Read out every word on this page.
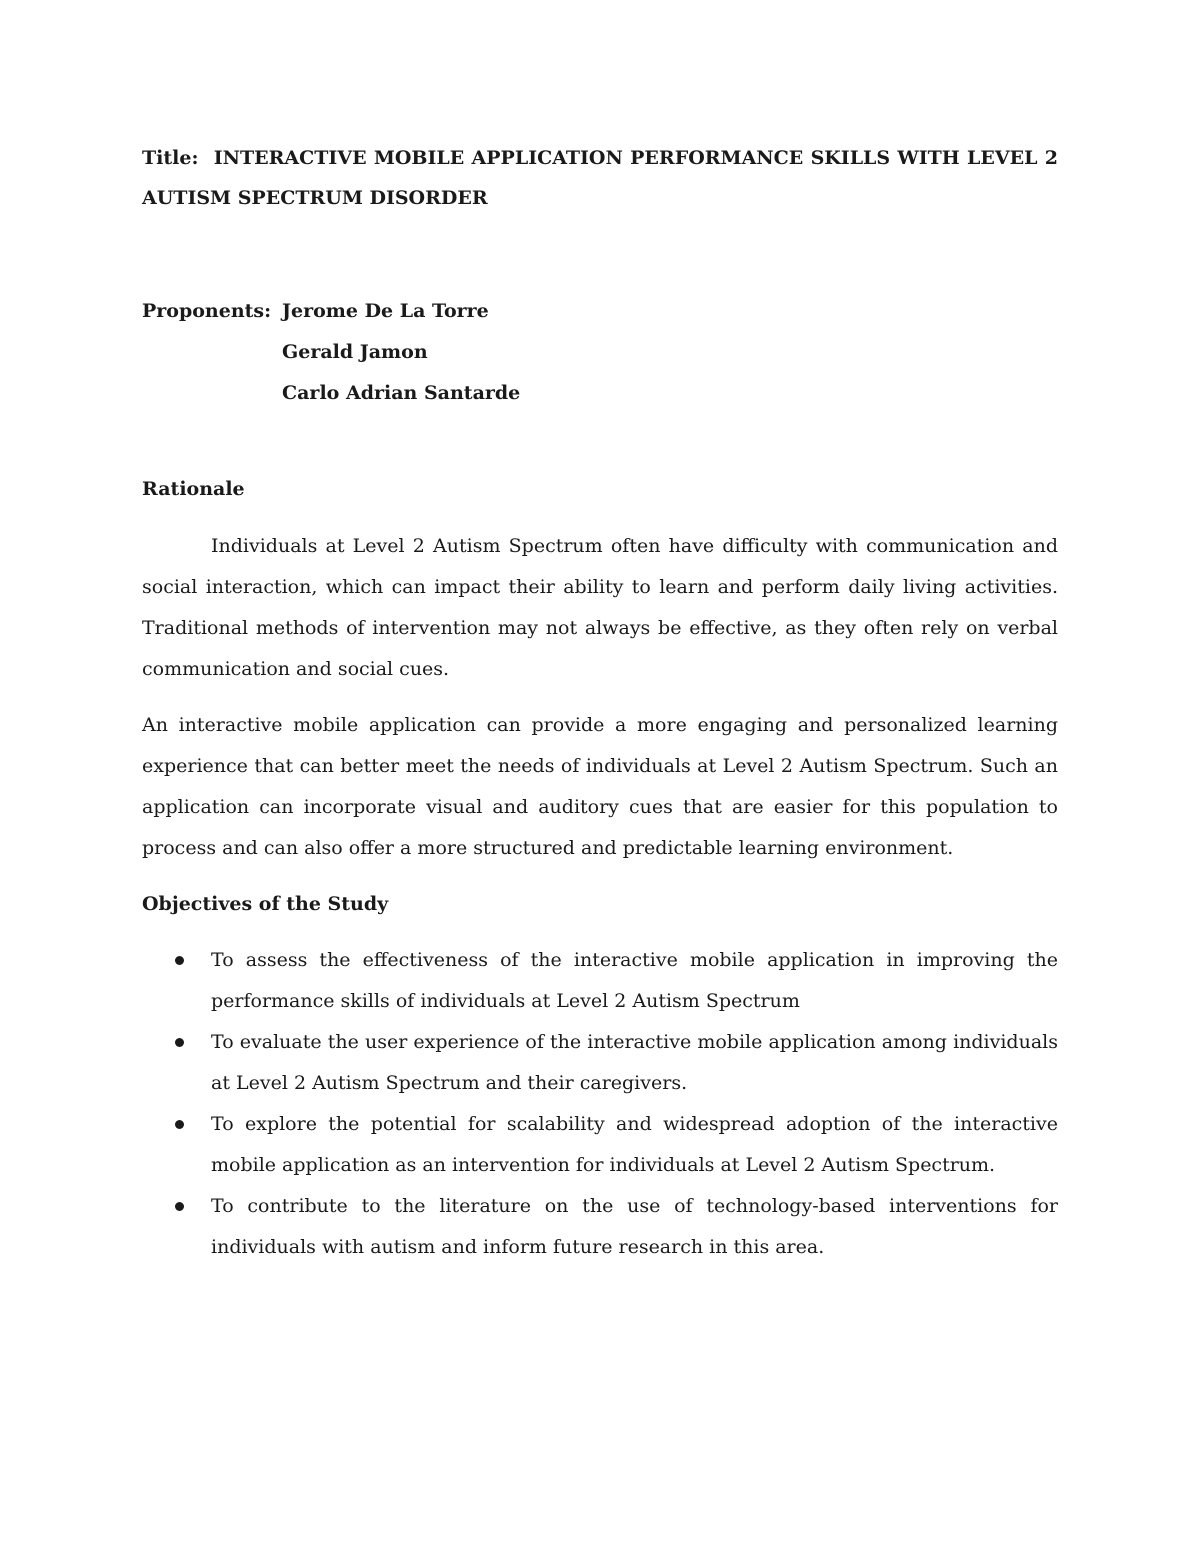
Title: INTERACTIVE MOBILE APPLICATION PERFORMANCE SKILLS WITH LEVEL 2 AUTISM SPECTRUM DISORDER
Proponents: Jerome De La Torre
Gerald Jamon
Carlo Adrian Santarde

Rationale

Individuals at Level 2 Autism Spectrum often have difficulty with communication and social interaction, which can impact their ability to learn and perform daily living activities. Traditional methods of intervention may not always be effective, as they often rely on verbal communication and social cues.

An interactive mobile application can provide a more engaging and personalized learning experience that can better meet the needs of individuals at Level 2 Autism Spectrum. Such an application can incorporate visual and auditory cues that are easier for this population to process and can also offer a more structured and predictable learning environment.

Objectives of the Study

To assess the effectiveness of the interactive mobile application in improving the performance skills of individuals at Level 2 Autism Spectrum
To evaluate the user experience of the interactive mobile application among individuals at Level 2 Autism Spectrum and their caregivers.
To explore the potential for scalability and widespread adoption of the interactive mobile application as an intervention for individuals at Level 2 Autism Spectrum.
To contribute to the literature on the use of technology-based interventions for individuals with autism and inform future research in this area.
